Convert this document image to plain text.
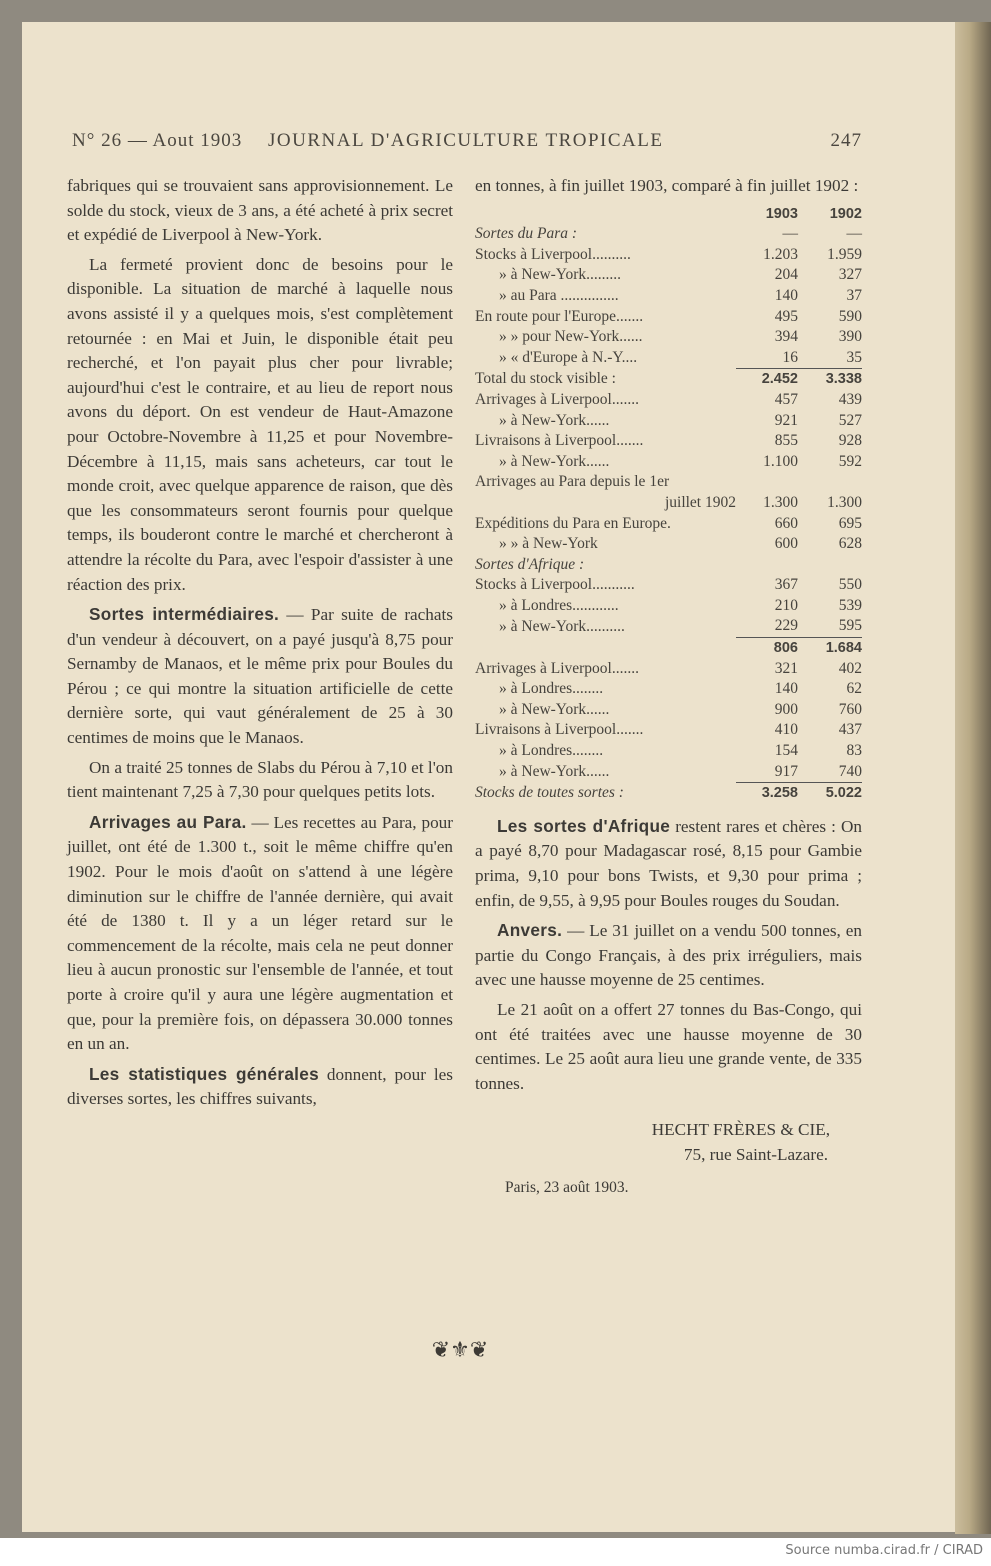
N° 26 — Aout 1903 JOURNAL D'AGRICULTURE TROPICALE	247

fabriques qui se trouvaient sans approvisionnement. Le solde du stock, vieux de 3 ans, a été acheté à prix secret et expédié de Liverpool à New-York.

La fermeté provient donc de besoins pour le disponible. La situation de marché à laquelle nous avons assisté il y a quelques mois, s'est complètement retournée : en Mai et Juin, le disponible était peu recherché, et l'on payait plus cher pour livrable; aujourd'hui c'est le contraire, et au lieu de report nous avons du déport. On est vendeur de Haut-Amazone pour Octobre-Novembre à 11,25 et pour Novembre-Décembre à 11,15, mais sans acheteurs, car tout le monde croit, avec quelque apparence de raison, que dès que les consommateurs seront fournis pour quelque temps, ils bouderont contre le marché et chercheront à attendre la récolte du Para, avec l'espoir d'assister à une réaction des prix.

Sortes intermédiaires. — Par suite de rachats d'un vendeur à découvert, on a payé jusqu'à 8,75 pour Sernamby de Manaos, et le même prix pour Boules du Pérou ; ce qui montre la situation artificielle de cette dernière sorte, qui vaut généralement de 25 à 30 centimes de moins que le Manaos.

On a traité 25 tonnes de Slabs du Pérou à 7,10 et l'on tient maintenant 7,25 à 7,30 pour quelques petits lots.

Arrivages au Para. — Les recettes au Para, pour juillet, ont été de 1.300 t., soit le même chiffre qu'en 1902. Pour le mois d'août on s'attend à une légère diminution sur le chiffre de l'année dernière, qui avait été de 1380 t. Il y a un léger retard sur le commencement de la récolte, mais cela ne peut donner lieu à aucun pronostic sur l'ensemble de l'année, et tout porte à croire qu'il y aura une légère augmentation et que, pour la première fois, on dépassera 30.000 tonnes en un an.

Les statistiques générales donnent, pour les diverses sortes, les chiffres suivants,

en tonnes, à fin juillet 1903, comparé à fin juillet 1902 :

	1903	1902
Sortes du Para :	—	—
Stocks à Liverpool..........	1.203	1.959
» à New-York.........	204	327
» au Para ...............	140	37
En route pour l'Europe.......	495	590
» » pour New-York......	394	390
» « d'Europe à N.-Y....	16	35
Total du stock visible :	2.452	3.338
Arrivages à Liverpool.......	457	439
» à New-York......	921	527
Livraisons à Liverpool.......	855	928
» à New-York......	1.100	592
Arrivages au Para depuis le 1er		
juillet 1902	1.300	1.300
Expéditions du Para en Europe.	660	695
» » à New-York	600	628
Sortes d'Afrique :		
Stocks à Liverpool...........	367	550
» à Londres............	210	539
» à New-York..........	229	595
	806	1.684
Arrivages à Liverpool.......	321	402
» à Londres........	140	62
» à New-York......	900	760
Livraisons à Liverpool.......	410	437
» à Londres........	154	83
» à New-York......	917	740
Stocks de toutes sortes :	3.258	5.022

Les sortes d'Afrique restent rares et chères : On a payé 8,70 pour Madagascar rosé, 8,15 pour Gambie prima, 9,10 pour bons Twists, et 9,30 pour prima ; enfin, de 9,55, à 9,95 pour Boules rouges du Soudan.

Anvers. — Le 31 juillet on a vendu 500 tonnes, en partie du Congo Français, à des prix irréguliers, mais avec une hausse moyenne de 25 centimes.

Le 21 août on a offert 27 tonnes du Bas-Congo, qui ont été traitées avec une hausse moyenne de 30 centimes. Le 25 août aura lieu une grande vente, de 335 tonnes.

HECHT FRÈRES & CIE,

75, rue Saint-Lazare.

Paris, 23 août 1903.

❦⚜❦
Source numba.cirad.fr / CIRAD
